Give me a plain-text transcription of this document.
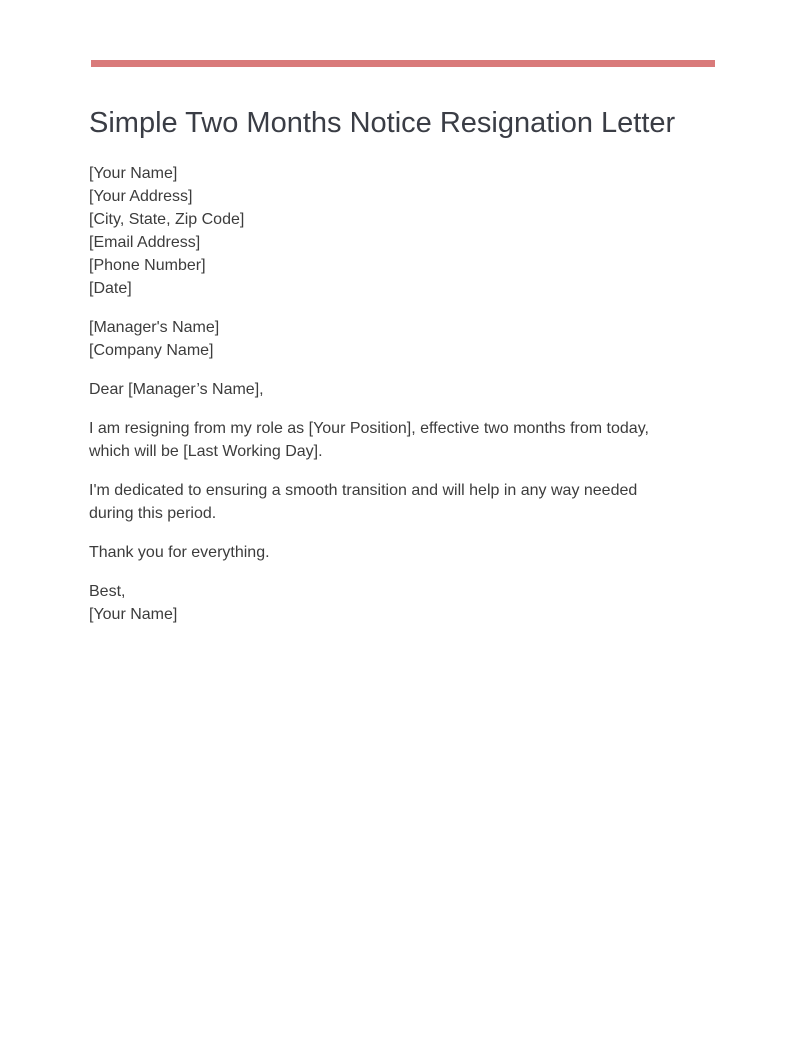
Simple Two Months Notice Resignation Letter
[Your Name]
[Your Address]
[City, State, Zip Code]
[Email Address]
[Phone Number]
[Date]
[Manager's Name]
[Company Name]

Dear [Manager’s Name],

I am resigning from my role as [Your Position], effective two months from today,
which will be [Last Working Day].

I'm dedicated to ensuring a smooth transition and will help in any way needed
during this period.

Thank you for everything.

Best,
[Your Name]
